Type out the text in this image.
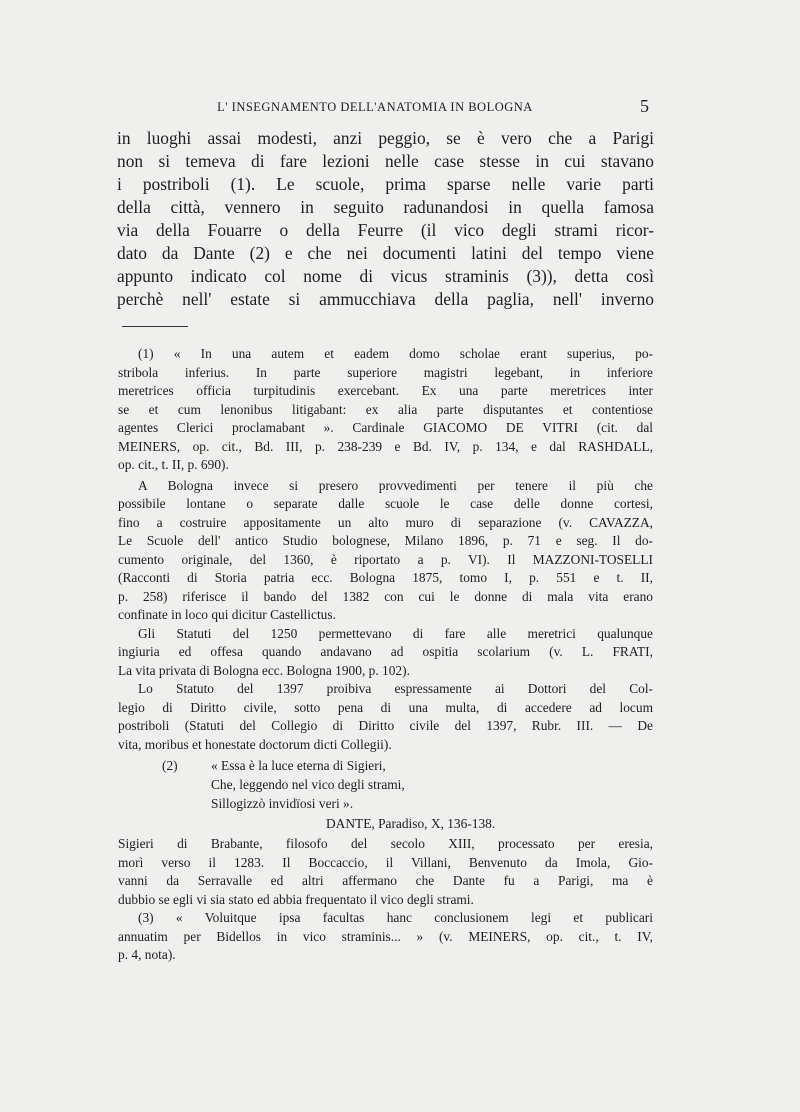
L' INSEGNAMENTO DELL'ANATOMIA IN BOLOGNA	5
in luoghi assai modesti, anzi peggio, se è vero che a Parigi
non si temeva di fare lezioni nelle case stesse in cui stavano
i postriboli (1). Le scuole, prima sparse nelle varie parti
della città, vennero in seguito radunandosi in quella famosa
via della Fouarre o della Feurre (il vico degli strami ricor-
dato da Dante (2) e che nei documenti latini del tempo viene
appunto indicato col nome di vicus straminis (3)), detta così
perchè nell' estate si ammucchiava della paglia, nell' inverno
(1) « In una autem et eadem domo scholae erant superius, po-
stribola inferius. In parte superiore magistri legebant, in inferiore
meretrices officia turpitudinis exercebant. Ex una parte meretrices inter
se et cum lenonibus litigabant: ex alia parte disputantes et contentiose
agentes Clerici proclamabant ». Cardinale GIACOMO DE VITRI (cit. dal
MEINERS, op. cit., Bd. III, p. 238-239 e Bd. IV, p. 134, e dal RASHDALL,
op. cit., t. II, p. 690).
A Bologna invece si presero provvedimenti per tenere il più che
possibile lontane o separate dalle scuole le case delle donne cortesi,
fino a costruire appositamente un alto muro di separazione (v. CAVAZZA,
Le Scuole dell' antico Studio bolognese, Milano 1896, p. 71 e seg. Il do-
cumento originale, del 1360, è riportato a p. VI). Il MAZZONI-TOSELLI
(Racconti di Storia patria ecc. Bologna 1875, tomo I, p. 551 e t. II,
p. 258) riferisce il bando del 1382 con cui le donne di mala vita erano
confinate in loco qui dicitur Castellictus.
Gli Statuti del 1250 permettevano di fare alle meretrici qualunque
ingiuria ed offesa quando andavano ad ospitia scolarium (v. L. FRATI,
La vita privata di Bologna ecc. Bologna 1900, p. 102).
Lo Statuto del 1397 proibiva espressamente ai Dottori del Col-
legio di Diritto civile, sotto pena di una multa, di accedere ad locum
postriboli (Statuti del Collegio di Diritto civile del 1397, Rubr. III. — De
vita, moribus et honestate doctorum dicti Collegii).
(2) « Essa è la luce eterna di Sigieri,
Che, leggendo nel vico degli strami,
Sillogizzò invidïosi veri ».
DANTE, Paradiso, X, 136-138.
Sigieri di Brabante, filosofo del secolo XIII, processato per eresia,
morì verso il 1283. Il Boccaccio, il Villani, Benvenuto da Imola, Gio-
vanni da Serravalle ed altri affermano che Dante fu a Parigi, ma è
dubbio se egli vi sia stato ed abbia frequentato il vico degli strami.
(3) « Voluitque ipsa facultas hanc conclusionem legi et publicari
annuatim per Bidellos in vico straminis... » (v. MEINERS, op. cit., t. IV,
p. 4, nota).
